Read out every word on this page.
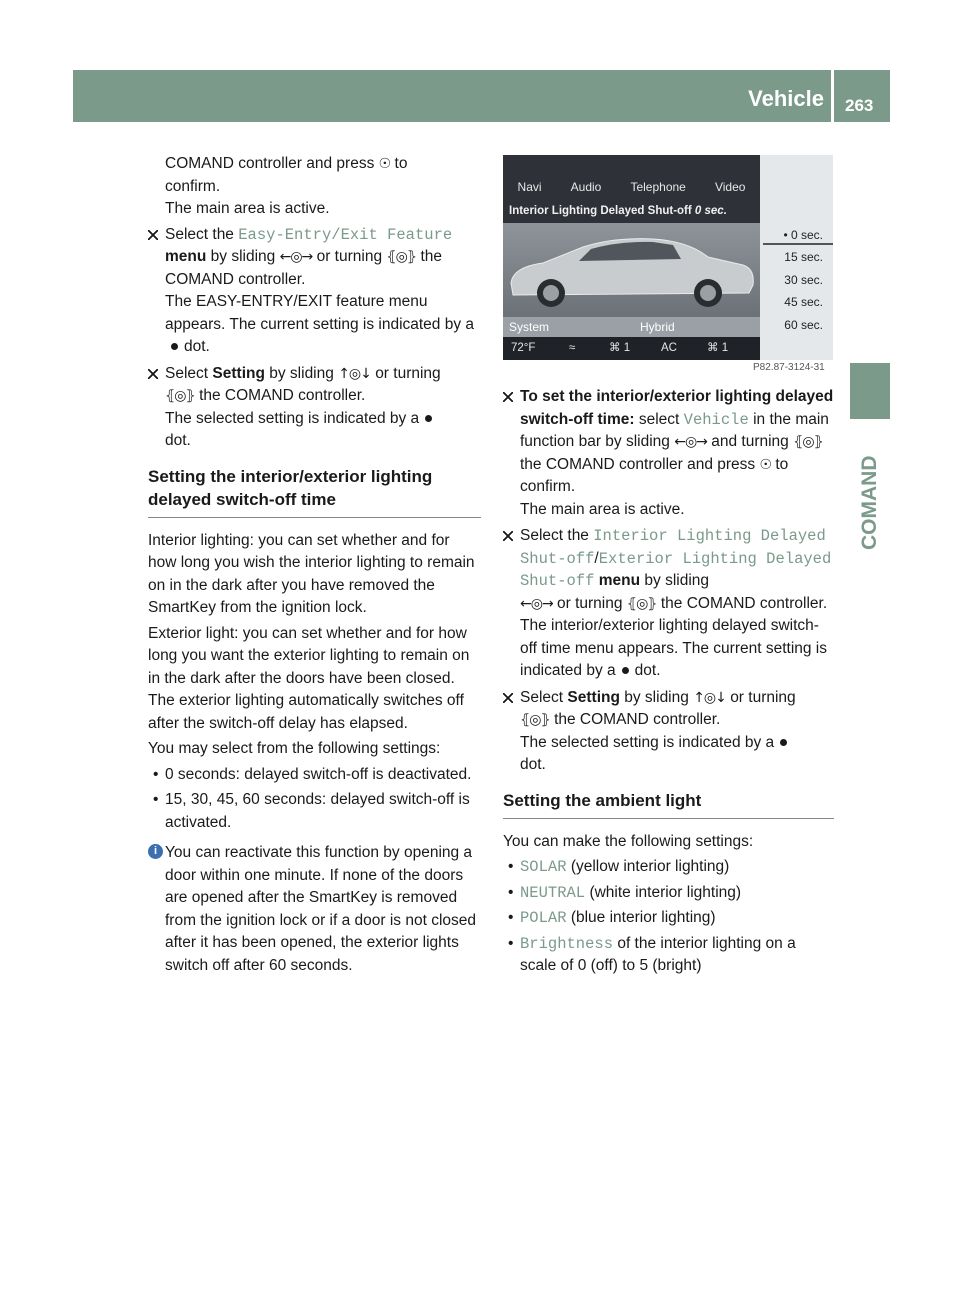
Vehicle 263
COMAND
COMAND controller and press ☉ to
confirm.
The main area is active.
Select the Easy-Entry/Exit Feature menu by sliding ←◎→ or turning ⦃◎⦄ the COMAND controller.
The EASY-ENTRY/EXIT feature menu appears. The current setting is indicated by adot.
Select Setting by sliding ↑◎↓ or turning
⦃◎⦄ the COMAND controller.
The selected setting is indicated by a
dot.
Setting the interior/exterior lighting delayed switch-off time

Interior lighting: you can set whether and for how long you wish the interior lighting to remain on in the dark after you have removed the SmartKey from the ignition lock.

Exterior light: you can set whether and for how long you want the exterior lighting to remain on in the dark after the doors have been closed. The exterior lighting automatically switches off after the switch-off delay has elapsed.

You may select from the following settings:

• 0 seconds: delayed switch-off is deactivated.
• 15, 30, 45, 60 seconds: delayed switch-off is activated.
i You can reactivate this function by opening a door within one minute. If none of the doors are opened after the SmartKey is removed from the ignition lock or if a door is not closed after it has been opened, the exterior lights switch off after 60 seconds.
Navi Audio Telephone Video
Interior Lighting Delayed Shut-off 0 sec.
System	Hybrid
72°F	≈	⌘ 1	AC	⌘ 1
• 0 sec.
15 sec.
30 sec.
45 sec.
60 sec.
P82.87-3124-31
To set the interior/exterior lighting delayed switch-off time: select Vehicle in the main function bar by sliding ←◎→ and turning ⦃◎⦄ the COMAND controller and press ☉ to confirm.
The main area is active.
Select the Interior Lighting Delayed Shut-off/Exterior Lighting Delayed Shut-off menu by sliding
←◎→ or turning ⦃◎⦄ the COMAND controller.
The interior/exterior lighting delayed switch-off time menu appears. The current setting is indicated by a dot.
Select Setting by sliding ↑◎↓ or turning
⦃◎⦄ the COMAND controller.
The selected setting is indicated by a
dot.
Setting the ambient light

You can make the following settings:

• SOLAR (yellow interior lighting)
• NEUTRAL (white interior lighting)
• POLAR (blue interior lighting)
• Brightness of the interior lighting on a scale of 0 (off) to 5 (bright)
